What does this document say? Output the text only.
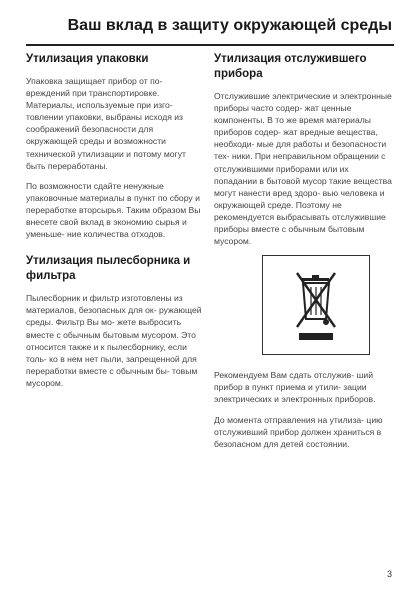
Ваш вклад в защиту окружающей среды
Утилизация упаковки

Упаковка защищает прибор от по- вреждений при транспортировке. Материалы, используемые при изго- товлении упаковки, выбраны исходя из соображений безопасности для окружающей среды и возможности технической утилизации и потому могут быть переработаны.

По возможности сдайте ненужные упаковочные материалы в пункт по сбору и переработке вторсырья. Таким образом Вы внесете свой вклад в экономию сырья и уменьше- ние количества отходов.

Утилизация пылесборника и фильтра

Пылесборник и фильтр изготовлены из материалов, безопасных для ок- ружающей среды. Фильтр Вы мо- жете выбросить вместе с обычным бытовым мусором. Это относится также и к пылесборнику, если толь- ко в нем нет пыли, запрещенной для переработки вместе с обычным бы- товым мусором.

Утилизация отслужившего прибора

Отслужившие электрические и электронные приборы часто содер- жат ценные компоненты. В то же время материалы приборов содер- жат вредные вещества, необходи- мые для работы и безопасности тех- ники. При неправильном обращении с отслужившими приборами или их попадании в бытовой мусор такие вещества могут нанести вред здоро- вью человека и окружающей среде. Поэтому не рекомендуется выбрасывать отслужившие приборы вместе с обычным бытовым мусором.

Рекомендуем Вам сдать отслужив- ший прибор в пункт приема и утили- зации электрических и электронных приборов.

До момента отправления на утилиза- цию отслуживший прибор должен храниться в безопасном для детей состоянии.

3
